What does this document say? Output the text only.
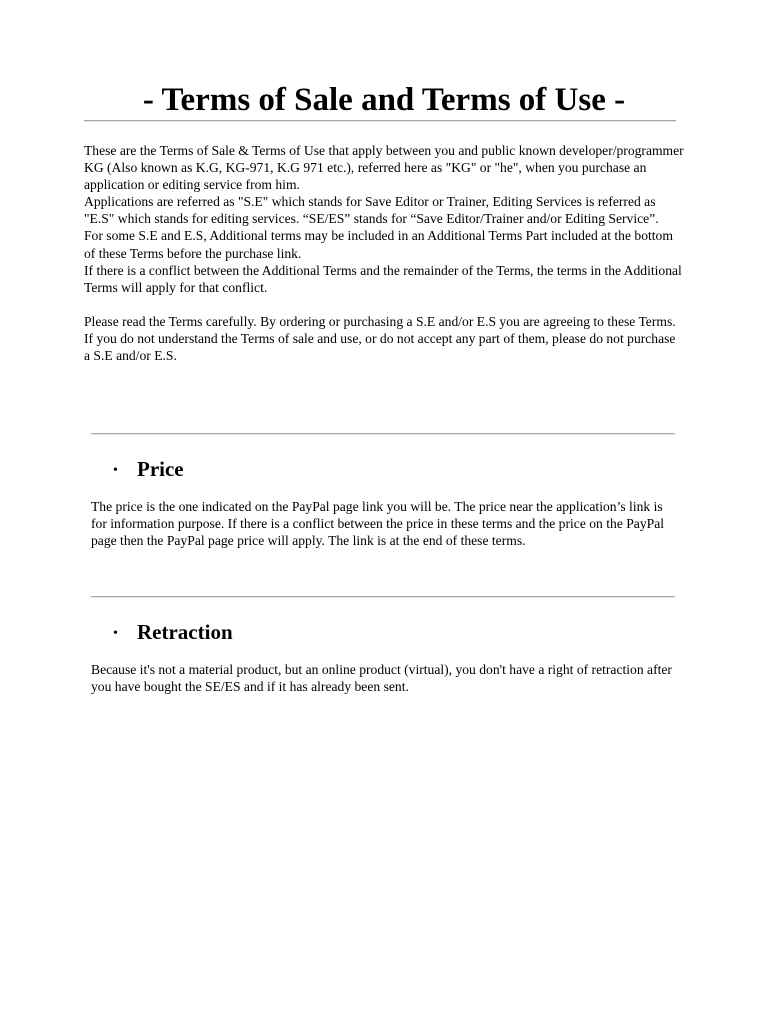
- Terms of Sale and Terms of Use -

These are the Terms of Sale & Terms of Use that apply between you and public known developer/programmer KG (Also known as K.G, KG-971, K.G 971 etc.), referred here as "KG" or "he", when you purchase an application or editing service from him.

Applications are referred as "S.E" which stands for Save Editor or Trainer, Editing Services is referred as "E.S" which stands for editing services. “SE/ES” stands for “Save Editor/Trainer and/or Editing Service”.

For some S.E and E.S, Additional terms may be included in an Additional Terms Part included at the bottom of these Terms before the purchase link.

If there is a conflict between the Additional Terms and the remainder of the Terms, the terms in the Additional Terms will apply for that conflict.

Please read the Terms carefully. By ordering or purchasing a S.E and/or E.S you are agreeing to these Terms.

If you do not understand the Terms of sale and use, or do not accept any part of them, please do not purchase a S.E and/or E.S.

• Price

The price is the one indicated on the PayPal page link you will be. The price near the application’s link is for information purpose. If there is a conflict between the price in these terms and the price on the PayPal page then the PayPal page price will apply. The link is at the end of these terms.

• Retraction

Because it's not a material product, but an online product (virtual), you don't have a right of retraction after you have bought the SE/ES and if it has already been sent.
